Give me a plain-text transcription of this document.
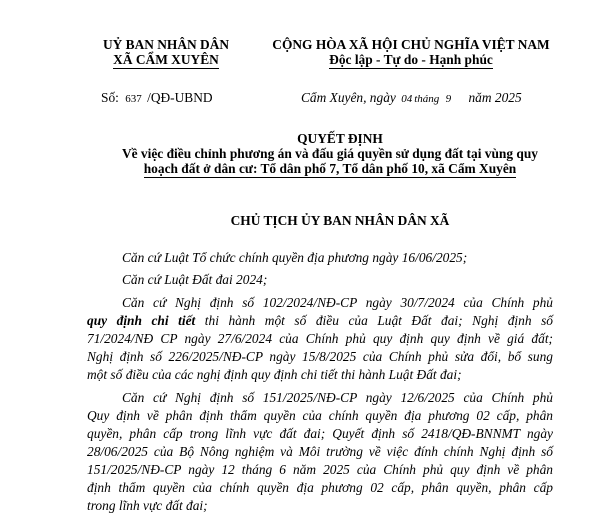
UỶ BAN NHÂN DÂN
XÃ CẨM XUYÊN
CỘNG HÒA XÃ HỘI CHỦ NGHĨA VIỆT NAM
Độc lập - Tự do - Hạnh phúc
Số: 637 /QĐ-UBND	Cẩm Xuyên, ngày 04 tháng 9 năm 2025
QUYẾT ĐỊNH
Về việc điều chỉnh phương án và đấu giá quyền sử dụng đất tại vùng quy
hoạch đất ở dân cư: Tổ dân phố 7, Tổ dân phố 10, xã Cẩm Xuyên
CHỦ TỊCH ỦY BAN NHÂN DÂN XÃ
Căn cứ Luật Tổ chức chính quyền địa phương ngày 16/06/2025;
Căn cứ Luật Đất đai 2024;
Căn cứ Nghị định số 102/2024/NĐ-CP ngày 30/7/2024 của Chính phủ
quy định chi tiết thi hành một số điều của Luật Đất đai; Nghị định số
71/2024/NĐ CP ngày 27/6/2024 của Chính phủ quy định quy định về giá đất;
Nghị định số 226/2025/NĐ-CP ngày 15/8/2025 của Chính phủ sửa đổi, bổ sung
một số điều của các nghị định quy định chi tiết thi hành Luật Đất đai;
Căn cứ Nghị định số 151/2025/NĐ-CP ngày 12/6/2025 của Chính phủ
Quy định về phân định thẩm quyền của chính quyền địa phương 02 cấp, phân
quyền, phân cấp trong lĩnh vực đất đai; Quyết định số 2418/QĐ-BNNMT ngày
28/06/2025 của Bộ Nông nghiệm và Môi trường về việc đính chính Nghị định số
151/2025/NĐ-CP ngày 12 tháng 6 năm 2025 của Chính phủ quy định về phân
định thẩm quyền của chính quyền địa phương 02 cấp, phân quyền, phân cấp
trong lĩnh vực đất đai;
